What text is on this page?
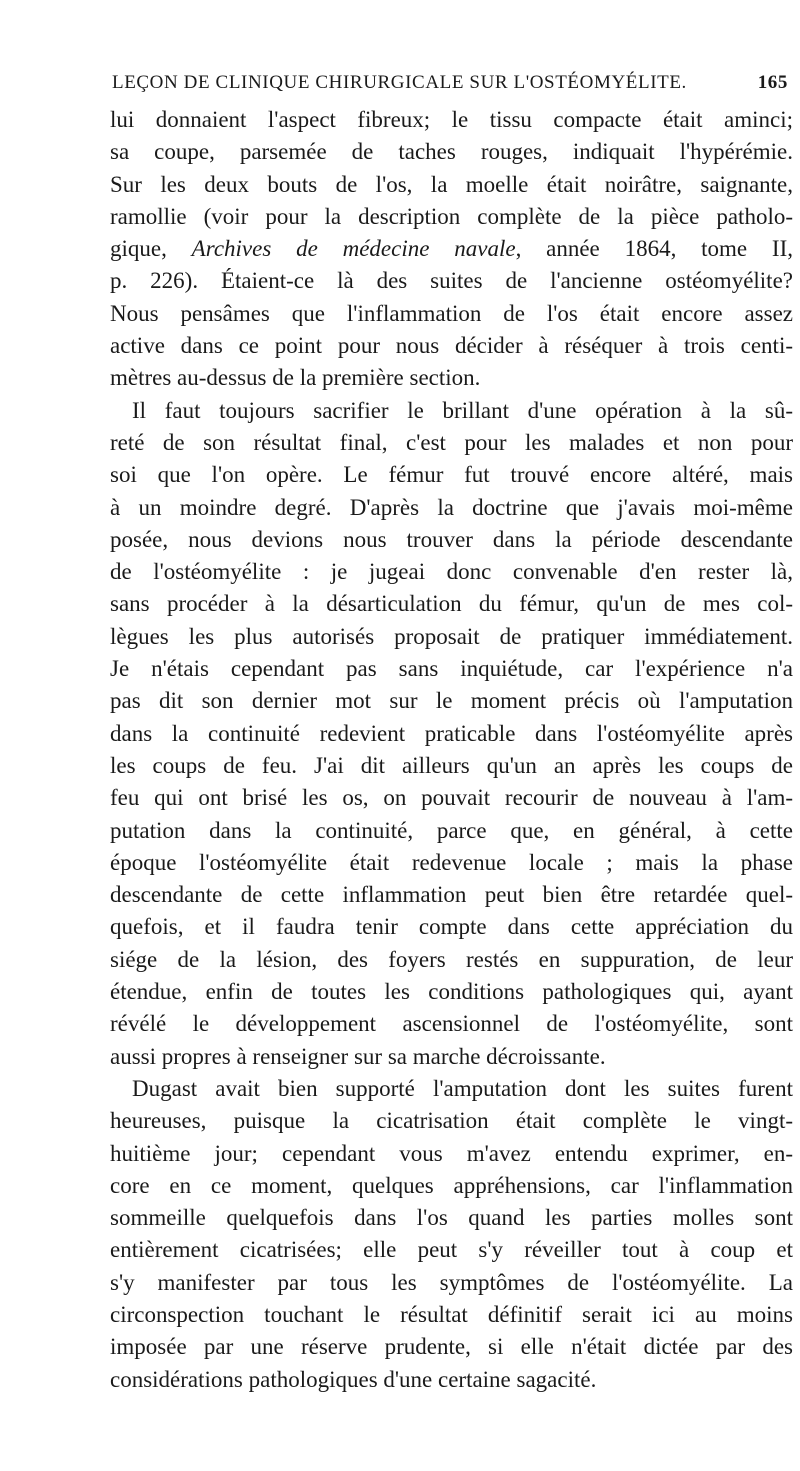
LEÇON DE CLINIQUE CHIRURGICALE SUR L'OSTÉOMYÉLITE.	165
lui donnaient l'aspect fibreux; le tissu compacte était aminci;
sa coupe, parsemée de taches rouges, indiquait l'hypérémie.
Sur les deux bouts de l'os, la moelle était noirâtre, saignante,
ramollie (voir pour la description complète de la pièce patholo-
gique, Archives de médecine navale, année 1864, tome II,
p. 226). Étaient-ce là des suites de l'ancienne ostéomyélite?
Nous pensâmes que l'inflammation de l'os était encore assez
active dans ce point pour nous décider à réséquer à trois centi-
mètres au-dessus de la première section.
Il faut toujours sacrifier le brillant d'une opération à la sû-
reté de son résultat final, c'est pour les malades et non pour
soi que l'on opère. Le fémur fut trouvé encore altéré, mais
à un moindre degré. D'après la doctrine que j'avais moi-même
posée, nous devions nous trouver dans la période descendante
de l'ostéomyélite : je jugeai donc convenable d'en rester là,
sans procéder à la désarticulation du fémur, qu'un de mes col-
lègues les plus autorisés proposait de pratiquer immédiatement.
Je n'étais cependant pas sans inquiétude, car l'expérience n'a
pas dit son dernier mot sur le moment précis où l'amputation
dans la continuité redevient praticable dans l'ostéomyélite après
les coups de feu. J'ai dit ailleurs qu'un an après les coups de
feu qui ont brisé les os, on pouvait recourir de nouveau à l'am-
putation dans la continuité, parce que, en général, à cette
époque l'ostéomyélite était redevenue locale ; mais la phase
descendante de cette inflammation peut bien être retardée quel-
quefois, et il faudra tenir compte dans cette appréciation du
siége de la lésion, des foyers restés en suppuration, de leur
étendue, enfin de toutes les conditions pathologiques qui, ayant
révélé le développement ascensionnel de l'ostéomyélite, sont
aussi propres à renseigner sur sa marche décroissante.
Dugast avait bien supporté l'amputation dont les suites furent
heureuses, puisque la cicatrisation était complète le vingt-
huitième jour; cependant vous m'avez entendu exprimer, en-
core en ce moment, quelques appréhensions, car l'inflammation
sommeille quelquefois dans l'os quand les parties molles sont
entièrement cicatrisées; elle peut s'y réveiller tout à coup et
s'y manifester par tous les symptômes de l'ostéomyélite. La
circonspection touchant le résultat définitif serait ici au moins
imposée par une réserve prudente, si elle n'était dictée par des
considérations pathologiques d'une certaine sagacité.
